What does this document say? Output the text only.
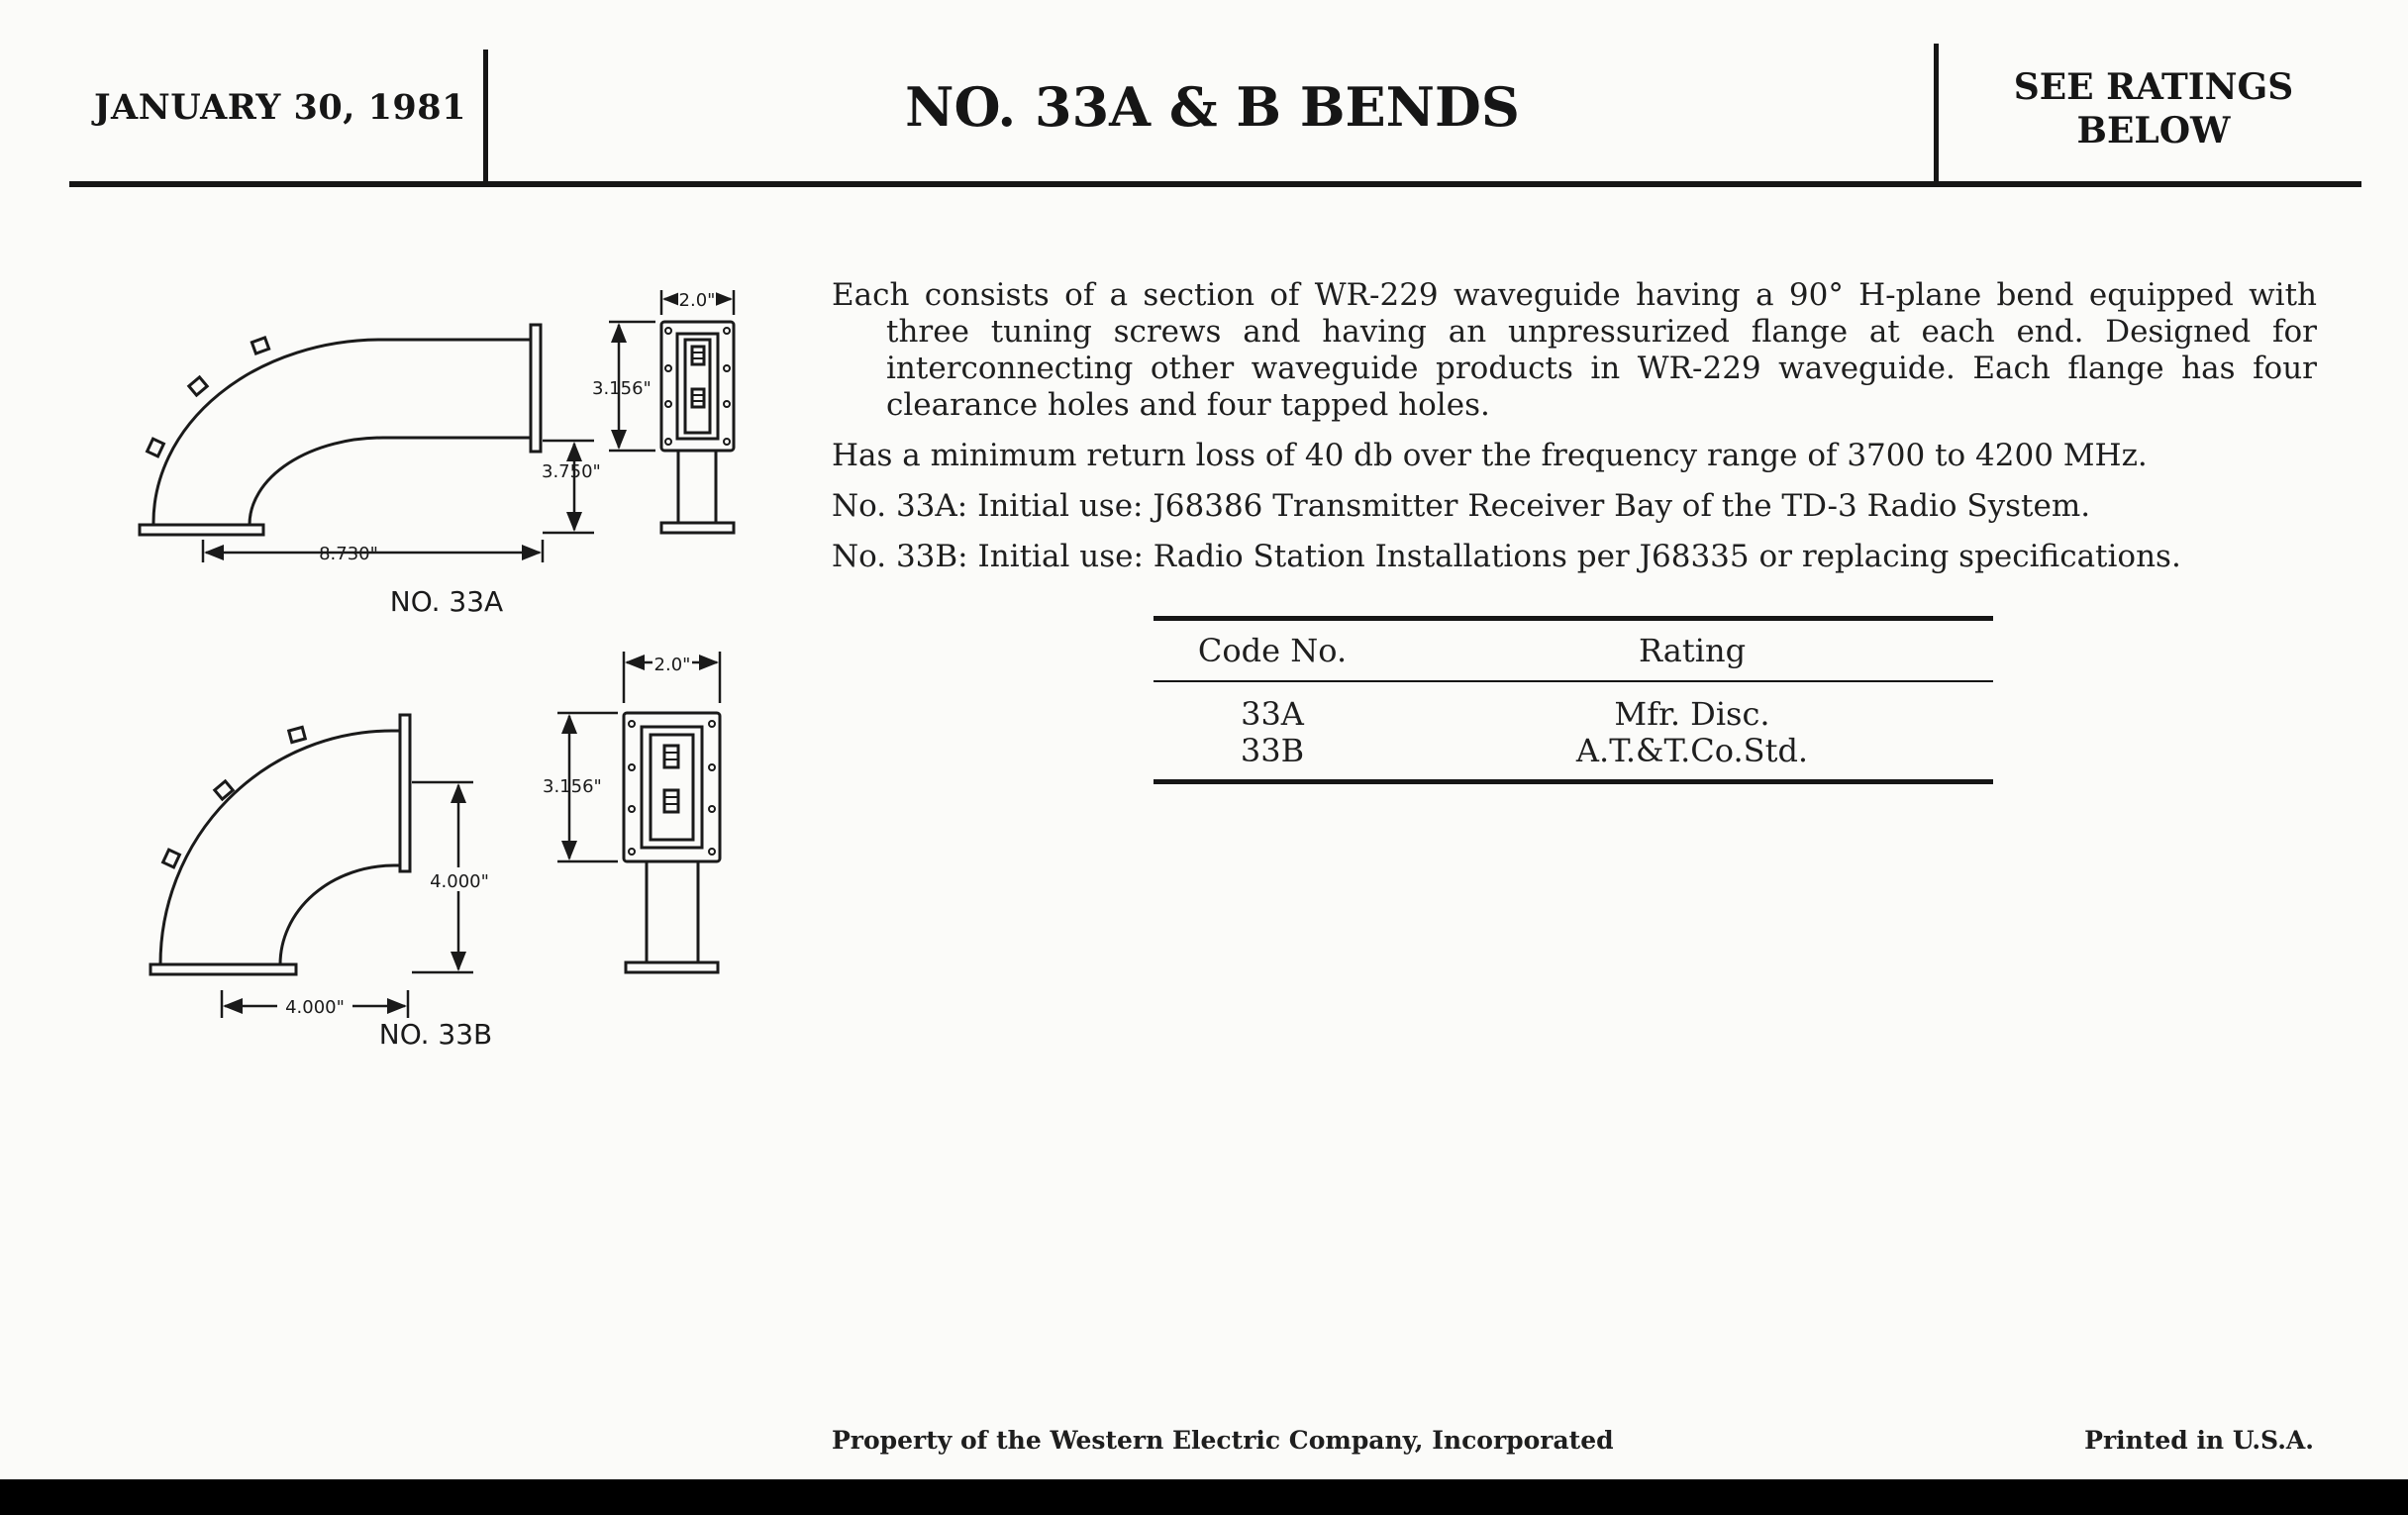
JANUARY 30, 1981	NO. 33A & B BENDS	SEE RATINGS
BELOW
8.730"
3.750"
NO. 33A
2.0"
3.156"
4.000"
4.000"
NO. 33B
2.0"
3.156"

Each consists of a section of WR-229 waveguide having a 90° H-plane bend equipped with three tuning screws and having an unpressurized flange at each end. Designed for interconnecting other waveguide products in WR-229 waveguide. Each flange has four clearance holes and four tapped holes.

Has a minimum return loss of 40 db over the frequency range of 3700 to 4200 MHz.

No. 33A: Initial use: J68386 Transmitter Receiver Bay of the TD-3 Radio System.

No. 33B: Initial use: Radio Station Installations per J68335 or replacing specifications.

Code No.	Rating
33A	Mfr. Disc.
33B	A.T.&T.Co.Std.
Property of the Western Electric Company, Incorporated	Printed in U.S.A.
